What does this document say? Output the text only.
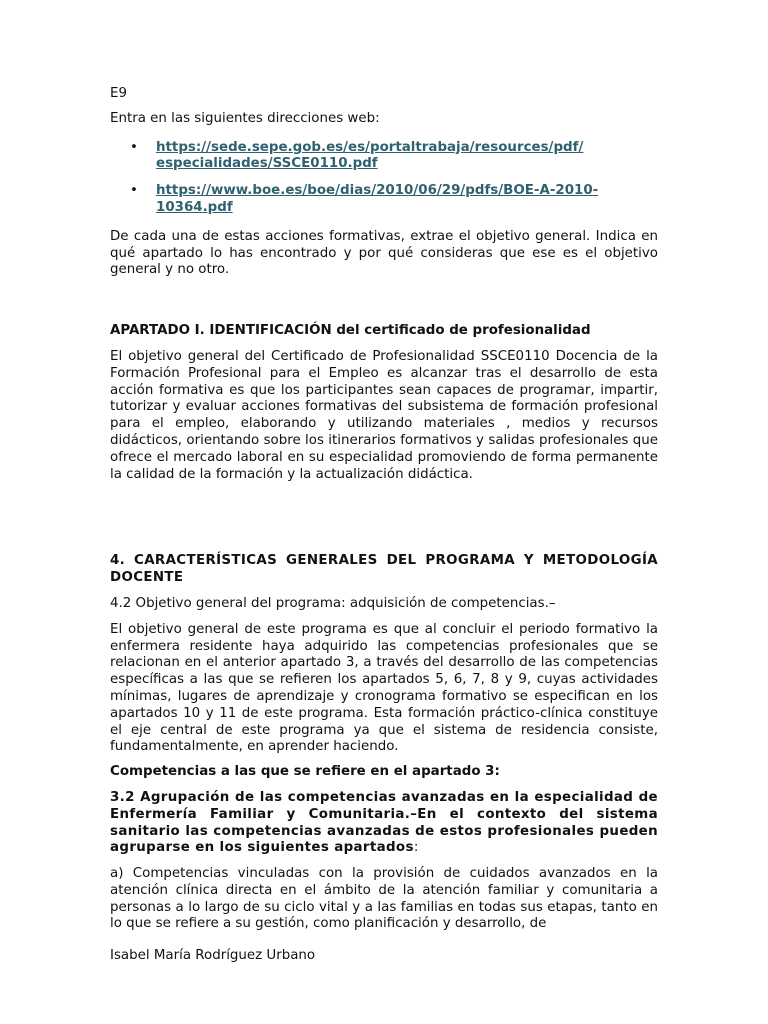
E9

Entra en las siguientes direcciones web:

• https://sede.sepe.gob.es/es/portaltrabaja/resources/pdf/
especialidades/SSCE0110.pdf
• https://www.boe.es/boe/dias/2010/06/29/pdfs/BOE-A-2010-
10364.pdf

De cada una de estas acciones formativas, extrae el objetivo general. Indica en qué apartado lo has encontrado y por qué consideras que ese es el objetivo general y no otro.

APARTADO I. IDENTIFICACIÓN del certificado de profesionalidad

El objetivo general del Certificado de Profesionalidad SSCE0110 Docencia de la Formación Profesional para el Empleo es alcanzar tras el desarrollo de esta acción formativa es que los participantes sean capaces de programar, impartir, tutorizar y evaluar acciones formativas del subsistema de formación profesional para el empleo, elaborando y utilizando materiales , medios y recursos didácticos, orientando sobre los itinerarios formativos y salidas profesionales que ofrece el mercado laboral en su especialidad promoviendo de forma permanente la calidad de la formación y la actualización didáctica.

4. CARACTERÍSTICAS GENERALES DEL PROGRAMA Y METODOLOGÍA DOCENTE

4.2 Objetivo general del programa: adquisición de competencias.–

El objetivo general de este programa es que al concluir el periodo formativo la enfermera residente haya adquirido las competencias profesionales que se relacionan en el anterior apartado 3, a través del desarrollo de las competencias específicas a las que se refieren los apartados 5, 6, 7, 8 y 9, cuyas actividades mínimas, lugares de aprendizaje y cronograma formativo se especifican en los apartados 10 y 11 de este programa. Esta formación práctico-clínica constituye el eje central de este programa ya que el sistema de residencia consiste, fundamentalmente, en aprender haciendo.

Competencias a las que se refiere en el apartado 3:

3.2 Agrupación de las competencias avanzadas en la especialidad de Enfermería Familiar y Comunitaria.–En el contexto del sistema sanitario las competencias avanzadas de estos profesionales pueden agruparse en los siguientes apartados:

a) Competencias vinculadas con la provisión de cuidados avanzados en la atención clínica directa en el ámbito de la atención familiar y comunitaria a personas a lo largo de su ciclo vital y a las familias en todas sus etapas, tanto en lo que se refiere a su gestión, como planificación y desarrollo, de

Isabel María Rodríguez Urbano
